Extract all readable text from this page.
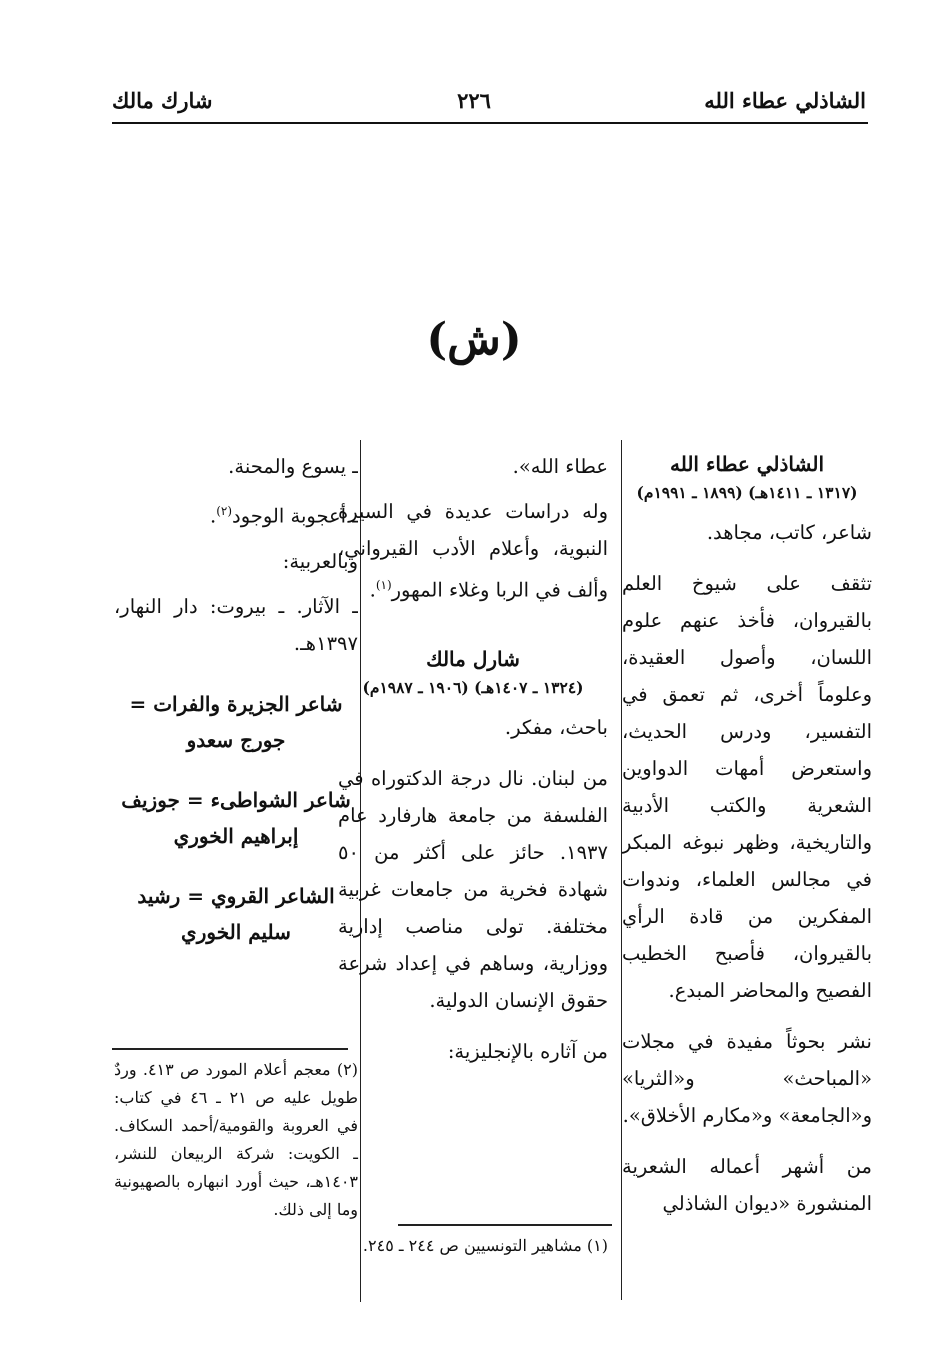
الشاذلي عطاء الله
٢٢٦
شارك مالك
(ش)

الشاذلي عطاء الله

(١٣١٧ ـ ١٤١١هـ) (١٨٩٩ ـ ١٩٩١م)

شاعر، كاتب، مجاهد.

تثقف على شيوخ العلم بالقيروان، فأخذ عنهم علوم اللسان، وأصول العقيدة، وعلوماً أخرى، ثم تعمق في التفسير، ودرس الحديث، واستعرض أمهات الدواوين الشعرية والكتب الأدبية والتاريخية، وظهر نبوغه المبكر في مجالس العلماء، وندوات المفكرين من قادة الرأي بالقيروان، فأصبح الخطيب الفصيح والمحاضر المبدع.

نشر بحوثاً مفيدة في مجلات «المباحث» و«الثريا» و«الجامعة» و«مكارم الأخلاق».

من أشهر أعماله الشعرية المنشورة «ديوان الشاذلي

عطاء الله».

وله دراسات عديدة في السيرة النبوية، وأعلام الأدب القيرواني، وألف في الربا وغلاء المهور$^{(١)}$.

شارل مالك

(١٣٢٤ ـ ١٤٠٧هـ) (١٩٠٦ ـ ١٩٨٧م)

باحث، مفكر.

من لبنان. نال درجة الدكتوراه في الفلسفة من جامعة هارفارد عام ١٩٣٧. حائز على أكثر من ٥٠ شهادة فخرية من جامعات غربية مختلفة. تولى مناصب إدارية ووزارية، وساهم في إعداد شرعة حقوق الإنسان الدولية.

من آثاره بالإنجليزية:

(١) مشاهير التونسيين ص ٢٤٤ ـ ٢٤٥.

ـ يسوع والمحنة.

ـ أعجوبة الوجود$^{(٢)}$.

وبالعربية:

ـ الآثار. ـ بيروت: دار النهار، ١٣٩٧هـ.

شاعر الجزيرة والفرات = جورج سعدو

شاعر الشواطىء = جوزيف إبراهيم الخوري

الشاعر القروي = رشيد سليم الخوري

(٢) معجم أعلام المورد ص ٤١٣. وردٌ طويل عليه ص ٢١ ـ ٤٦ في كتاب: في العروبة والقومية/أحمد السكاف. ـ الكويت: شركة الربيعان للنشر، ١٤٠٣هـ، حيث أورد انبهاره بالصهيونية وما إلى ذلك.
